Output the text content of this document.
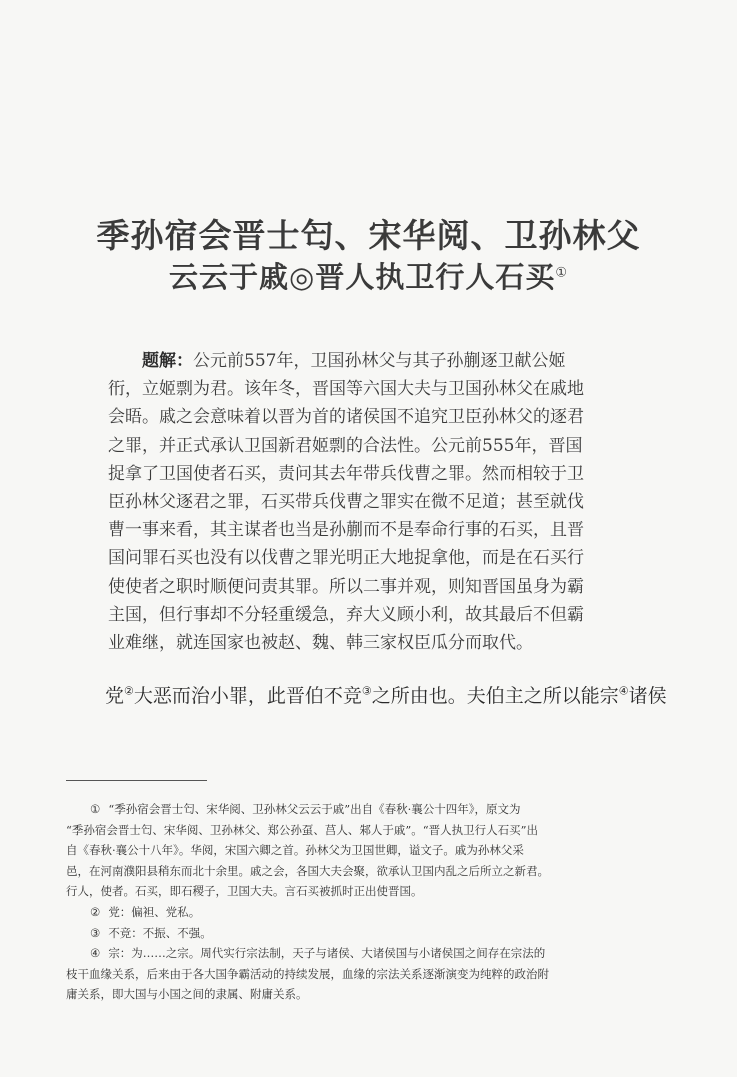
季孙宿会晋士匄、宋华阅、卫孙林父
云云于戚◎晋人执卫行人石买①
题解：公元前557年，卫国孙林父与其子孙蒯逐卫献公姬
衎，立姬剽为君。该年冬，晋国等六国大夫与卫国孙林父在戚地
会晤。戚之会意味着以晋为首的诸侯国不追究卫臣孙林父的逐君
之罪，并正式承认卫国新君姬剽的合法性。公元前555年，晋国
捉拿了卫国使者石买，责问其去年带兵伐曹之罪。然而相较于卫
臣孙林父逐君之罪，石买带兵伐曹之罪实在微不足道；甚至就伐
曹一事来看，其主谋者也当是孙蒯而不是奉命行事的石买，且晋
国问罪石买也没有以伐曹之罪光明正大地捉拿他，而是在石买行
使使者之职时顺便问责其罪。所以二事并观，则知晋国虽身为霸
主国，但行事却不分轻重缓急，弃大义顾小利，故其最后不但霸
业难继，就连国家也被赵、魏、韩三家权臣瓜分而取代。
党②大恶而治小罪，此晋伯不竞③之所由也。夫伯主之所以能宗④诸侯
① “季孙宿会晋士匄、宋华阅、卫孙林父云云于戚”出自《春秋·襄公十四年》，原文为
“季孙宿会晋士匄、宋华阅、卫孙林父、郑公孙虿、莒人、邾人于戚”。“晋人执卫行人石买”出
自《春秋·襄公十八年》。华阅，宋国六卿之首。孙林父为卫国世卿，谥文子。戚为孙林父采
邑，在河南濮阳县稍东而北十余里。戚之会，各国大夫会聚，欲承认卫国内乱之后所立之新君。
行人，使者。石买，即石稷子，卫国大夫。言石买被抓时正出使晋国。
② 党：偏袒、党私。
③ 不竞：不振、不强。
④ 宗：为……之宗。周代实行宗法制，天子与诸侯、大诸侯国与小诸侯国之间存在宗法的
枝干血缘关系，后来由于各大国争霸活动的持续发展，血缘的宗法关系逐渐演变为纯粹的政治附
庸关系，即大国与小国之间的隶属、附庸关系。
